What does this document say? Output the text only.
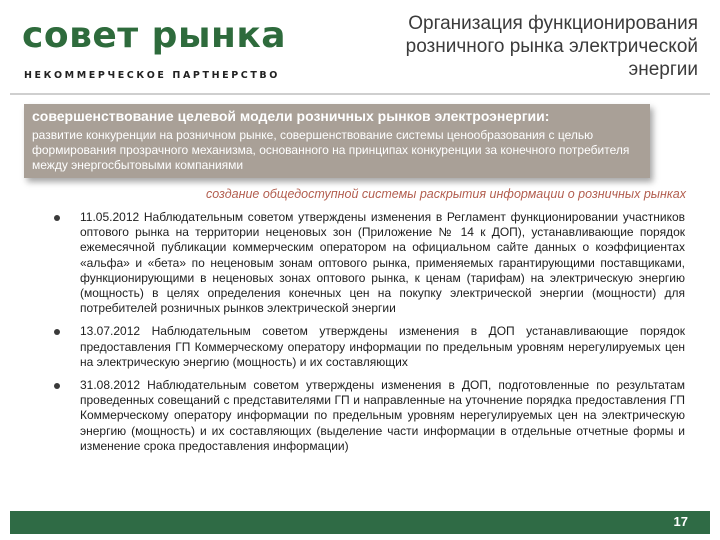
совет рынка
НЕКОММЕРЧЕСКОЕ ПАРТНЕРСТВО
Организация функционирования розничного рынка электрической энергии
совершенствование целевой модели розничных рынков электроэнергии:
развитие конкуренции на розничном рынке, совершенствование системы ценообразования с целью формирования прозрачного механизма, основанного на принципах конкуренции за конечного потребителя между энергосбытовыми компаниями
создание общедоступной системы раскрытия информации о розничных рынках
11.05.2012 Наблюдательным советом утверждены изменения в Регламент функционировании участников оптового рынка на территории неценовых зон (Приложение № 14 к ДОП), устанавливающие порядок ежемесячной публикации коммерческим оператором на официальном сайте данных о коэффициентах «альфа» и «бета» по неценовым зонам оптового рынка, применяемых гарантирующими поставщиками, функционирующими в неценовых зонах оптового рынка, к ценам (тарифам) на электрическую энергию (мощность) в целях определения конечных цен на покупку электрической энергии (мощности) для потребителей розничных рынков электрической энергии
13.07.2012 Наблюдательным советом утверждены изменения в ДОП устанавливающие порядок предоставления ГП Коммерческому оператору информации по предельным уровням нерегулируемых цен на электрическую энергию (мощность) и их составляющих
31.08.2012 Наблюдательным советом утверждены изменения в ДОП, подготовленные по результатам проведенных совещаний с представителями ГП и направленные на уточнение порядка предоставления ГП Коммерческому оператору информации по предельным уровням нерегулируемых цен на электрическую энергию (мощность) и их составляющих (выделение части информации в отдельные отчетные формы и изменение срока предоставления информации)
17
